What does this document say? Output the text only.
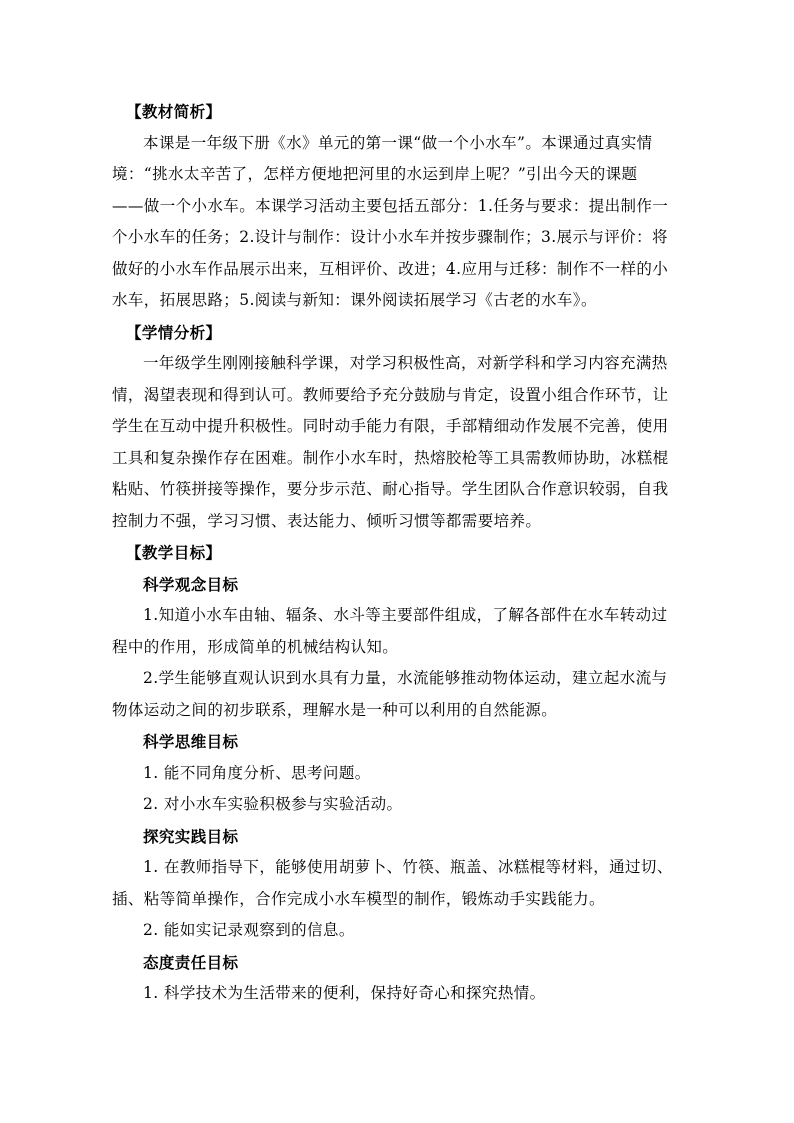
【教材简析】
本课是一年级下册《水》单元的第一课“做一个小水车”。本课通过真实情
境：“挑水太辛苦了，怎样方便地把河里的水运到岸上呢？”引出今天的课题
——做一个小水车。本课学习活动主要包括五部分：1.任务与要求：提出制作一
个小水车的任务；2.设计与制作：设计小水车并按步骤制作；3.展示与评价：将
做好的小水车作品展示出来，互相评价、改进；4.应用与迁移：制作不一样的小
水车，拓展思路；5.阅读与新知：课外阅读拓展学习《古老的水车》。
【学情分析】
一年级学生刚刚接触科学课，对学习积极性高，对新学科和学习内容充满热
情，渴望表现和得到认可。教师要给予充分鼓励与肯定，设置小组合作环节，让
学生在互动中提升积极性。同时动手能力有限，手部精细动作发展不完善，使用
工具和复杂操作存在困难。制作小水车时，热熔胶枪等工具需教师协助，冰糕棍
粘贴、竹筷拼接等操作，要分步示范、耐心指导。学生团队合作意识较弱，自我
控制力不强，学习习惯、表达能力、倾听习惯等都需要培养。
【教学目标】
科学观念目标
1.知道小水车由轴、辐条、水斗等主要部件组成，了解各部件在水车转动过
程中的作用，形成简单的机械结构认知。
2.学生能够直观认识到水具有力量，水流能够推动物体运动，建立起水流与
物体运动之间的初步联系，理解水是一种可以利用的自然能源。
科学思维目标
1. 能不同角度分析、思考问题。
2. 对小水车实验积极参与实验活动。
探究实践目标
1. 在教师指导下，能够使用胡萝卜、竹筷、瓶盖、冰糕棍等材料，通过切、
插、粘等简单操作，合作完成小水车模型的制作，锻炼动手实践能力。
2. 能如实记录观察到的信息。
态度责任目标
1. 科学技术为生活带来的便利，保持好奇心和探究热情。
